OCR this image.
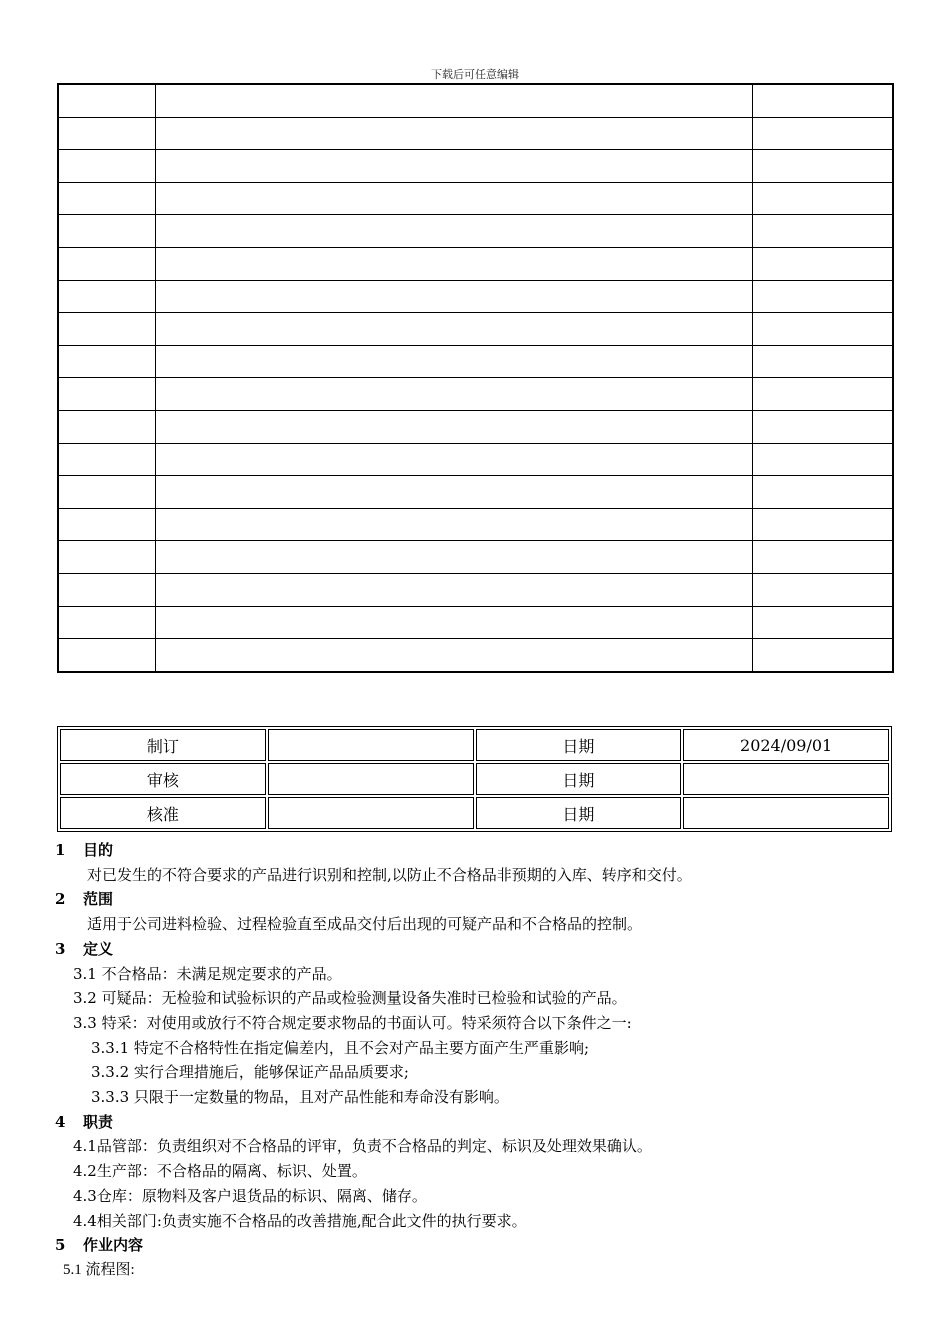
下载后可任意编辑

制订		日期	2024/09/01
审核		日期	
核准		日期	
1 目的
对已发生的不符合要求的产品进行识别和控制,以防止不合格品非预期的入库、转序和交付。
2 范围
适用于公司进料检验、过程检验直至成品交付后出现的可疑产品和不合格品的控制。
3 定义
3.1 不合格品：未满足规定要求的产品。
3.2 可疑品：无检验和试验标识的产品或检验测量设备失准时已检验和试验的产品。
3.3 特采：对使用或放行不符合规定要求物品的书面认可。特采须符合以下条件之一:
3.3.1 特定不合格特性在指定偏差内，且不会对产品主要方面产生严重影响;
3.3.2 实行合理措施后，能够保证产品品质要求;
3.3.3 只限于一定数量的物品，且对产品性能和寿命没有影响。
4 职责
4.1品管部：负责组织对不合格品的评审，负责不合格品的判定、标识及处理效果确认。
4.2生产部：不合格品的隔离、标识、处置。
4.3仓库：原物料及客户退货品的标识、隔离、储存。
4.4相关部门:负责实施不合格品的改善措施,配合此文件的执行要求。
5 作业内容
5.1 流程图:
